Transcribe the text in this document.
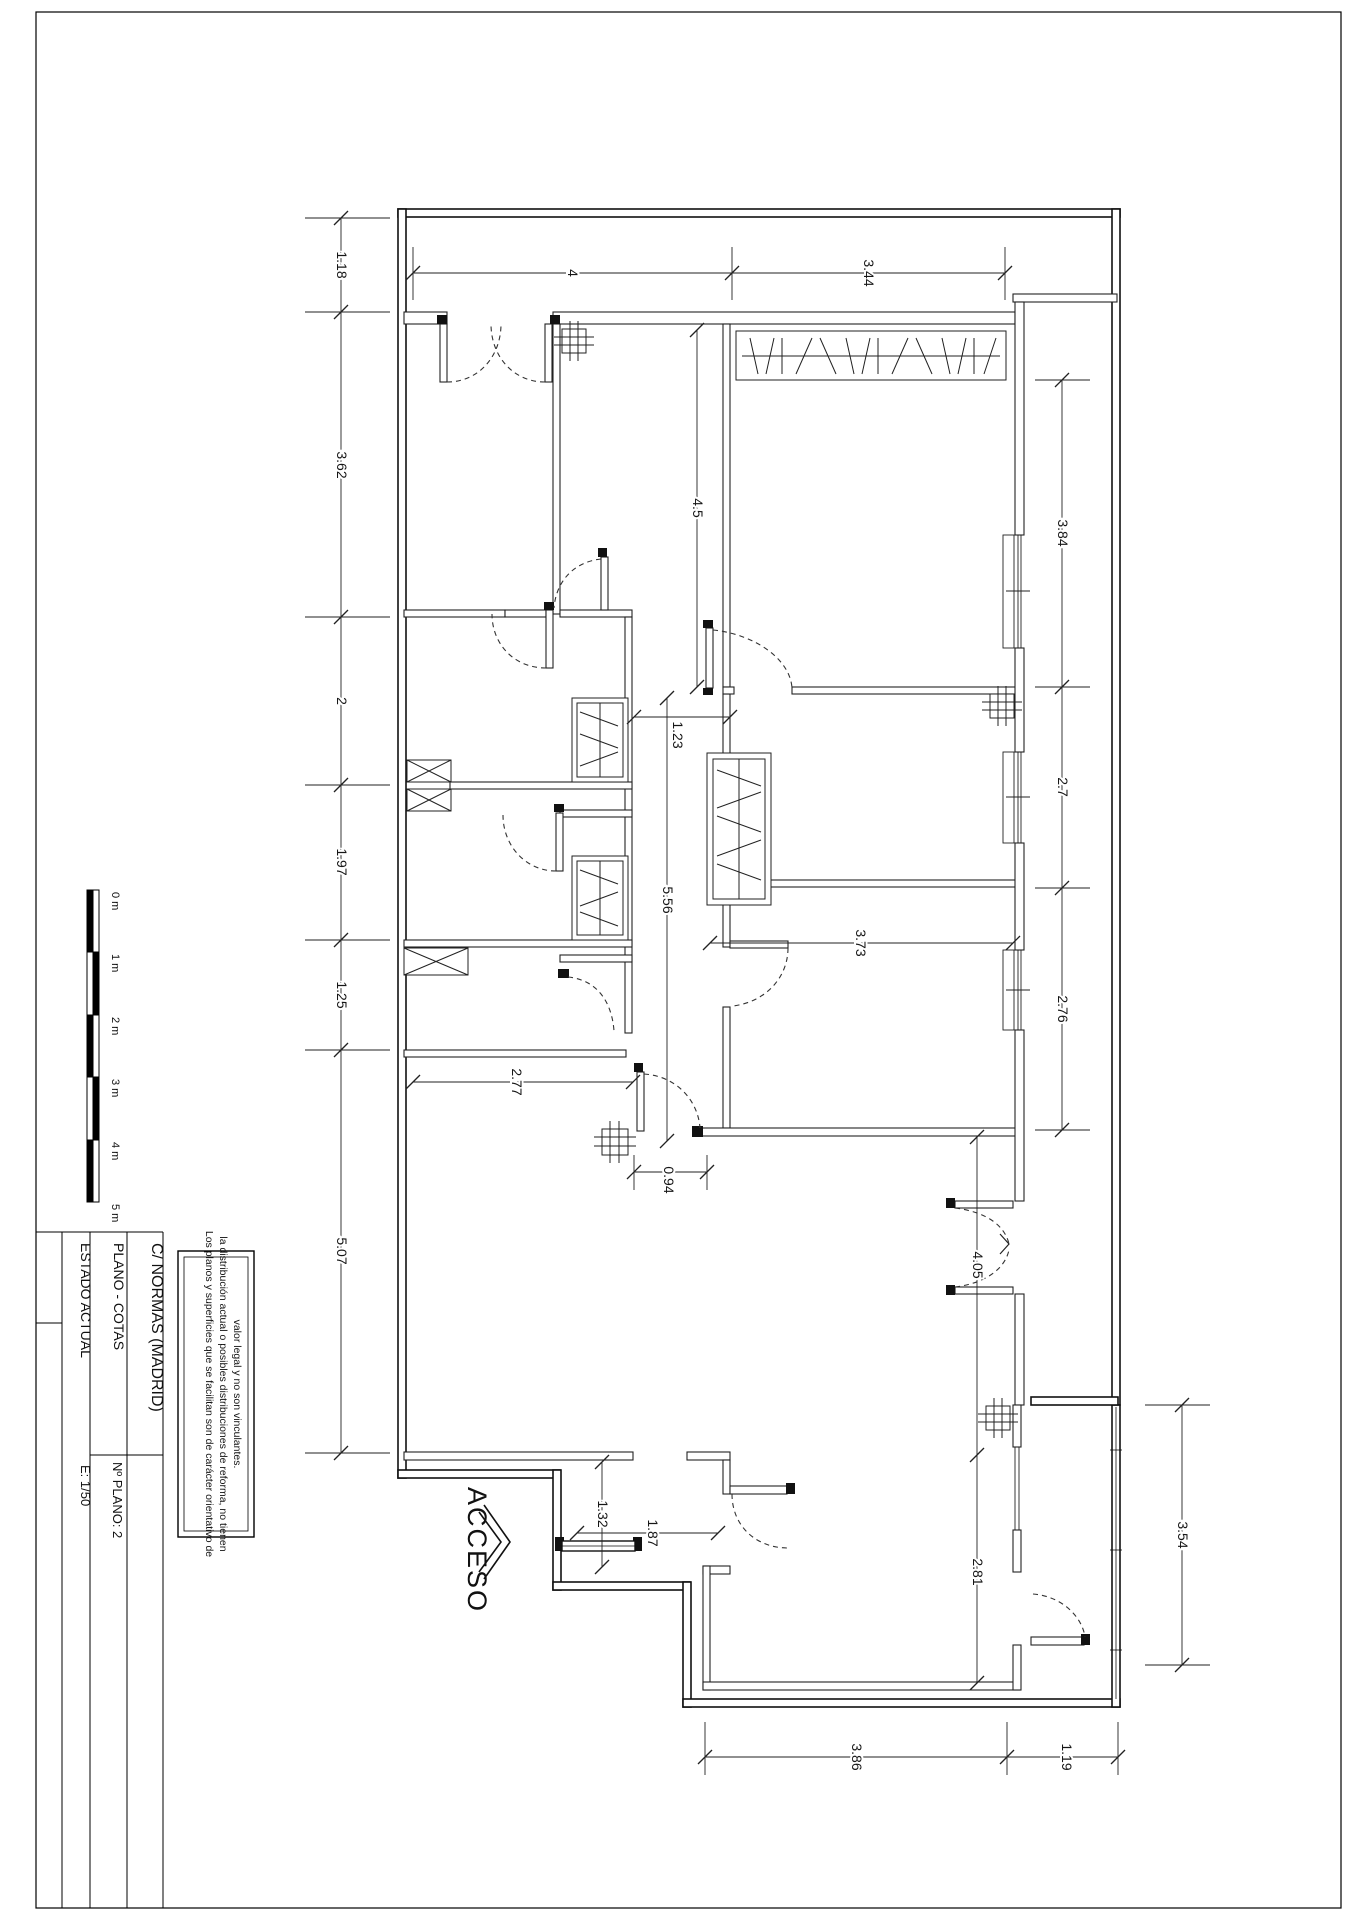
0 m
1 m
2 m
3 m
4 m
5 m
C/ NORMAS (MADRID)
PLANO - COTAS
ESTADO ACTUAL
Nº PLANO: 2
E: 1/50	Los planos y superficies que se facilitan son de carácter orientativo de la distribución actual o posibles distribuciones de reforma, no tienen valor legal y no son vinculantes.
1.18
3.62
2
1.97
1.25
5.07
4	3.44
3.84
2.7
2.76
4.5
1.23
5.56
3.73
2.77
0.94
4.05
2.81
3.54
1.87
1.32
3.86	1.19
ACCESO
